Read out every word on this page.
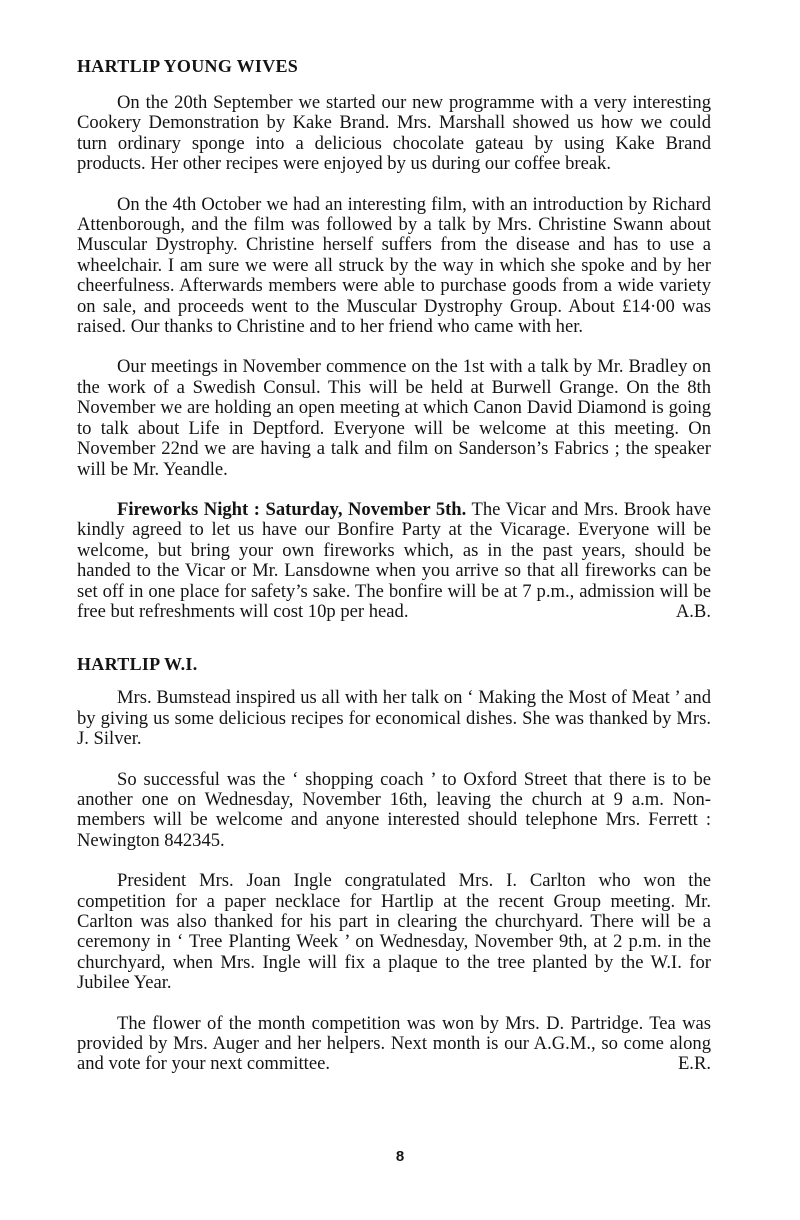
HARTLIP YOUNG WIVES

On the 20th September we started our new programme with a very interesting Cookery Demonstration by Kake Brand. Mrs. Marshall showed us how we could turn ordinary sponge into a delicious chocolate gateau by using Kake Brand products. Her other recipes were enjoyed by us during our coffee break.

On the 4th October we had an interesting film, with an introduction by Richard Attenborough, and the film was followed by a talk by Mrs. Christine Swann about Muscular Dystrophy. Christine herself suffers from the disease and has to use a wheelchair. I am sure we were all struck by the way in which she spoke and by her cheerfulness. Afterwards members were able to purchase goods from a wide variety on sale, and proceeds went to the Muscular Dystrophy Group. About £14·00 was raised. Our thanks to Christine and to her friend who came with her.

Our meetings in November commence on the 1st with a talk by Mr. Bradley on the work of a Swedish Consul. This will be held at Burwell Grange. On the 8th November we are holding an open meeting at which Canon David Diamond is going to talk about Life in Deptford. Everyone will be welcome at this meeting. On November 22nd we are having a talk and film on Sanderson’s Fabrics ; the speaker will be Mr. Yeandle.

Fireworks Night : Saturday, November 5th. The Vicar and Mrs. Brook have kindly agreed to let us have our Bonfire Party at the Vicarage. Everyone will be welcome, but bring your own fireworks which, as in the past years, should be handed to the Vicar or Mr. Lansdowne when you arrive so that all fireworks can be set off in one place for safety’s sake. The bonfire will be at 7 p.m., admission will be free but refreshments will cost 10p per head.	A.B.

HARTLIP W.I.

Mrs. Bumstead inspired us all with her talk on ‘ Making the Most of Meat ’ and by giving us some delicious recipes for economical dishes. She was thanked by Mrs. J. Silver.

So successful was the ‘ shopping coach ’ to Oxford Street that there is to be another one on Wednesday, November 16th, leaving the church at 9 a.m. Non-members will be welcome and anyone interested should telephone Mrs. Ferrett : Newington 842345.

President Mrs. Joan Ingle congratulated Mrs. I. Carlton who won the competition for a paper necklace for Hartlip at the recent Group meeting. Mr. Carlton was also thanked for his part in clearing the churchyard. There will be a ceremony in ‘ Tree Planting Week ’ on Wednesday, November 9th, at 2 p.m. in the churchyard, when Mrs. Ingle will fix a plaque to the tree planted by the W.I. for Jubilee Year.

The flower of the month competition was won by Mrs. D. Partridge. Tea was provided by Mrs. Auger and her helpers. Next month is our A.G.M., so come along and vote for your next committee.	E.R.

8
